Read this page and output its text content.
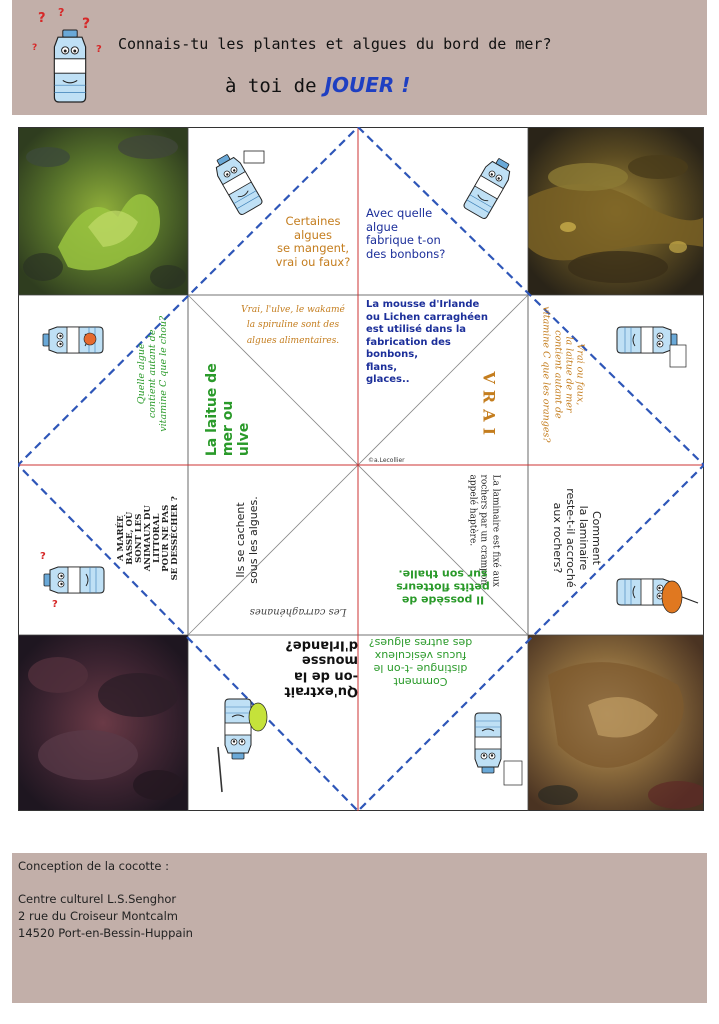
? ?
?
?	? Connais-tu les plantes et algues du bord de mer?
à toi de JOUER !
?
?
Certaines
algues
se mangent,
vrai ou faux?
Avec quelle
algue
fabrique t-on
des bonbons?
Quelle algue contient autant de vitamine C que le chou?	Vrai ou faux,
la laitue de mer
contient autant de
vitamine C que les oranges?
A MARÉE
BASSE, OÙ
SONT LES
ANIMAUX DU
LITTORAL
POUR NE PAS
SE DESSÉCHER ?	Comment
la laminaire
reste-t-il accroché
aux rochers?
Qu'extrait
-on de la
mousse
d'Irlande?
Comment
distingue -t-on le
fucus vésiculeux
des autres algues?
Vrai, l'ulve, le wakamé
la spiruline sont des
algues alimentaires.
La mousse d'Irlande
ou Lichen carraghéen
est utilisé dans la
fabrication des
bonbons,
flans,
glaces..
La laitue de mer ou ulve	VRAI
©a.Lecollier
Ils se cachent sous les algues.	La laminaire est fixé aux
rochers par un crampon
appelé haptère.
Les carraghénanes
Il possède de
petits flotteurs
sur son thalle.
Conception de la cocotte :
Centre culturel L.S.Senghor
2 rue du Croiseur Montcalm
14520 Port-en-Bessin-Huppain
